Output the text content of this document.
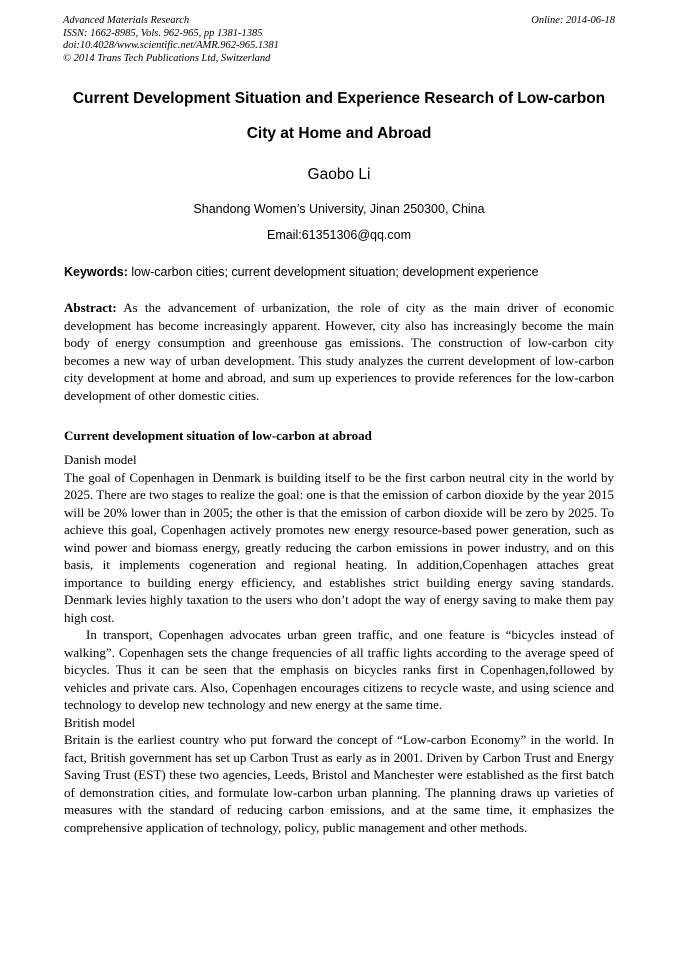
Advanced Materials Research
ISSN: 1662-8985, Vols. 962-965, pp 1381-1385
doi:10.4028/www.scientific.net/AMR.962-965.1381
© 2014 Trans Tech Publications Ltd, Switzerland
Online: 2014-06-18
Current Development Situation and Experience Research of Low-carbon
City at Home and Abroad
Gaobo Li
Shandong Women’s University, Jinan 250300, China
Email:61351306@qq.com
Keywords: low-carbon cities; current development situation; development experience
Abstract: As the advancement of urbanization, the role of city as the main driver of economic development has become increasingly apparent. However, city also has increasingly become the main body of energy consumption and greenhouse gas emissions. The construction of low-carbon city becomes a new way of urban development. This study analyzes the current development of low-carbon city development at home and abroad, and sum up experiences to provide references for the low-carbon development of other domestic cities.
Current development situation of low-carbon at abroad

Danish model

The goal of Copenhagen in Denmark is building itself to be the first carbon neutral city in the world by 2025. There are two stages to realize the goal: one is that the emission of carbon dioxide by the year 2015 will be 20% lower than in 2005; the other is that the emission of carbon dioxide will be zero by 2025. To achieve this goal, Copenhagen actively promotes new energy resource-based power generation, such as wind power and biomass energy, greatly reducing the carbon emissions in power industry, and on this basis, it implements cogeneration and regional heating. In addition,Copenhagen attaches great importance to building energy efficiency, and establishes strict building energy saving standards. Denmark levies highly taxation to the users who don’t adopt the way of energy saving to make them pay high cost.

In transport, Copenhagen advocates urban green traffic, and one feature is “bicycles instead of walking”. Copenhagen sets the change frequencies of all traffic lights according to the average speed of bicycles. Thus it can be seen that the emphasis on bicycles ranks first in Copenhagen,followed by vehicles and private cars. Also, Copenhagen encourages citizens to recycle waste, and using science and technology to develop new technology and new energy at the same time.

British model

Britain is the earliest country who put forward the concept of “Low-carbon Economy” in the world. In fact, British government has set up Carbon Trust as early as in 2001. Driven by Carbon Trust and Energy Saving Trust (EST) these two agencies, Leeds, Bristol and Manchester were established as the first batch of demonstration cities, and formulate low-carbon urban planning. The planning draws up varieties of measures with the standard of reducing carbon emissions, and at the same time, it emphasizes the comprehensive application of technology, policy, public management and other methods.
